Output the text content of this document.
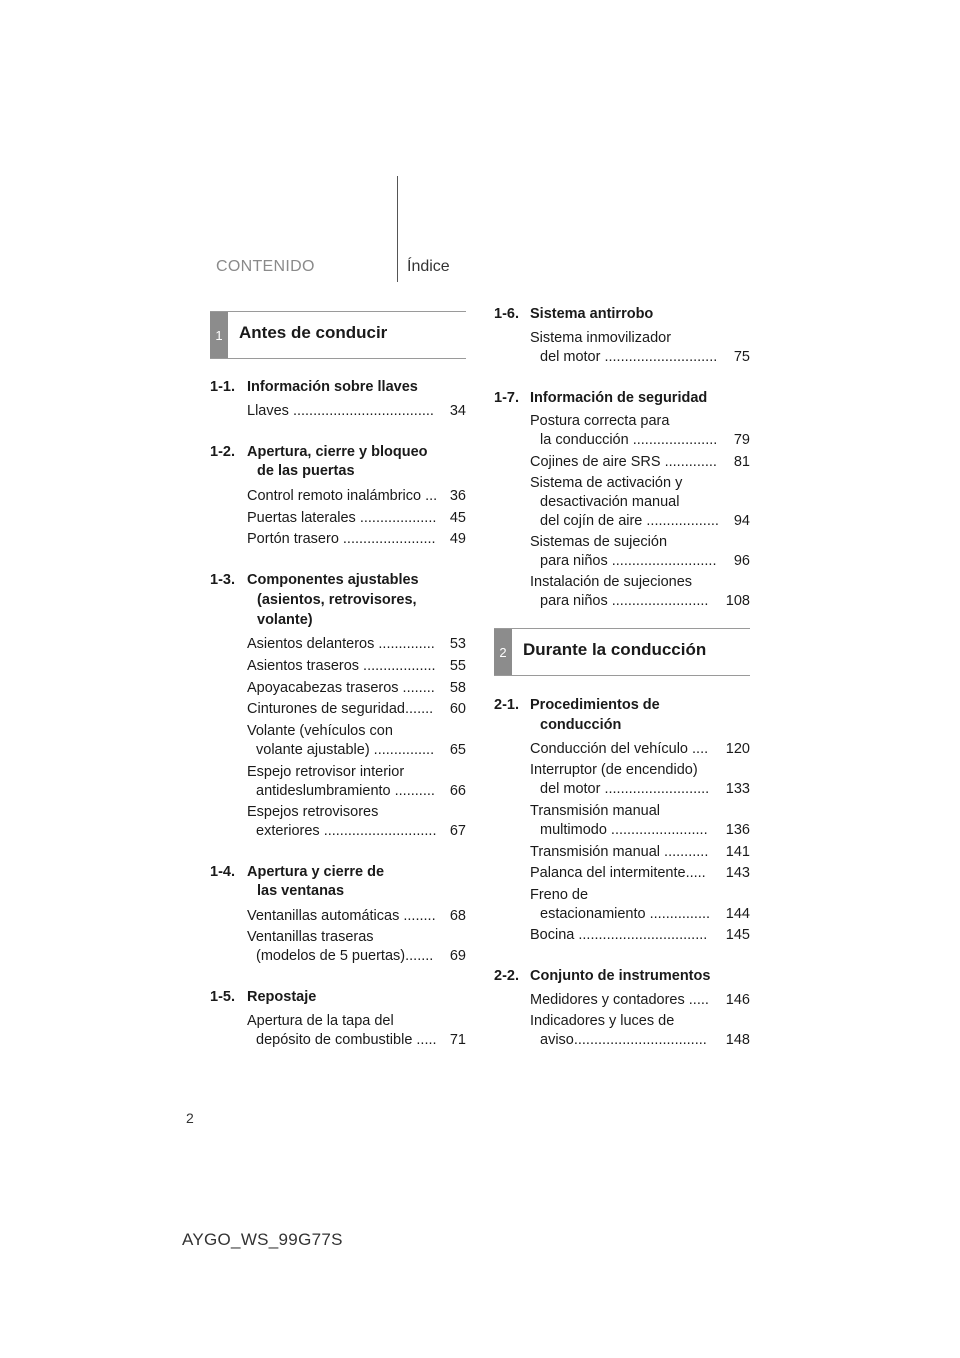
CONTENIDO	Índice
1 Antes de conducir
1-1. Información sobre llaves
Llaves ...................................	34
1-2. Apertura, cierre y bloqueo
de las puertas
Control remoto inalámbrico ... 36
Puertas laterales ................... 45
Portón trasero ....................... 49
1-3. Componentes ajustables
(asientos, retrovisores,
volante)
Asientos delanteros ..............	53
Asientos traseros .................. 55
Apoyacabezas traseros ........	58
Cinturones de seguridad.......	60
Volante (vehículos con
volante ajustable) ...............	65
Espejo retrovisor interior
antideslumbramiento ..........	66
Espejos retrovisores
exteriores ............................ 67
1-4. Apertura y cierre de
las ventanas
Ventanillas automáticas ........ 68
Ventanillas traseras
(modelos de 5 puertas).......	69
1-5. Repostaje
Apertura de la tapa del
depósito de combustible ..... 71
1-6. Sistema antirrobo
Sistema inmovilizador
del motor ............................	75
1-7. Información de seguridad
Postura correcta para
la conducción .....................	79
Cojines de aire SRS .............	81
Sistema de activación y
desactivación manual
del cojín de aire ..................	94
Sistemas de sujeción
para niños ..........................	96
Instalación de sujeciones
para niños ........................	108
2 Durante la conducción
2-1. Procedimientos de
conducción
Conducción del vehículo ....	120
Interruptor (de encendido)
del motor ..........................	133
Transmisión manual
multimodo ........................	136
Transmisión manual ...........	141
Palanca del intermitente.....	143
Freno de
estacionamiento ...............	144
Bocina ................................	145
2-2. Conjunto de instrumentos
Medidores y contadores .....	146
Indicadores y luces de
aviso.................................	148
2
AYGO_WS_99G77S
